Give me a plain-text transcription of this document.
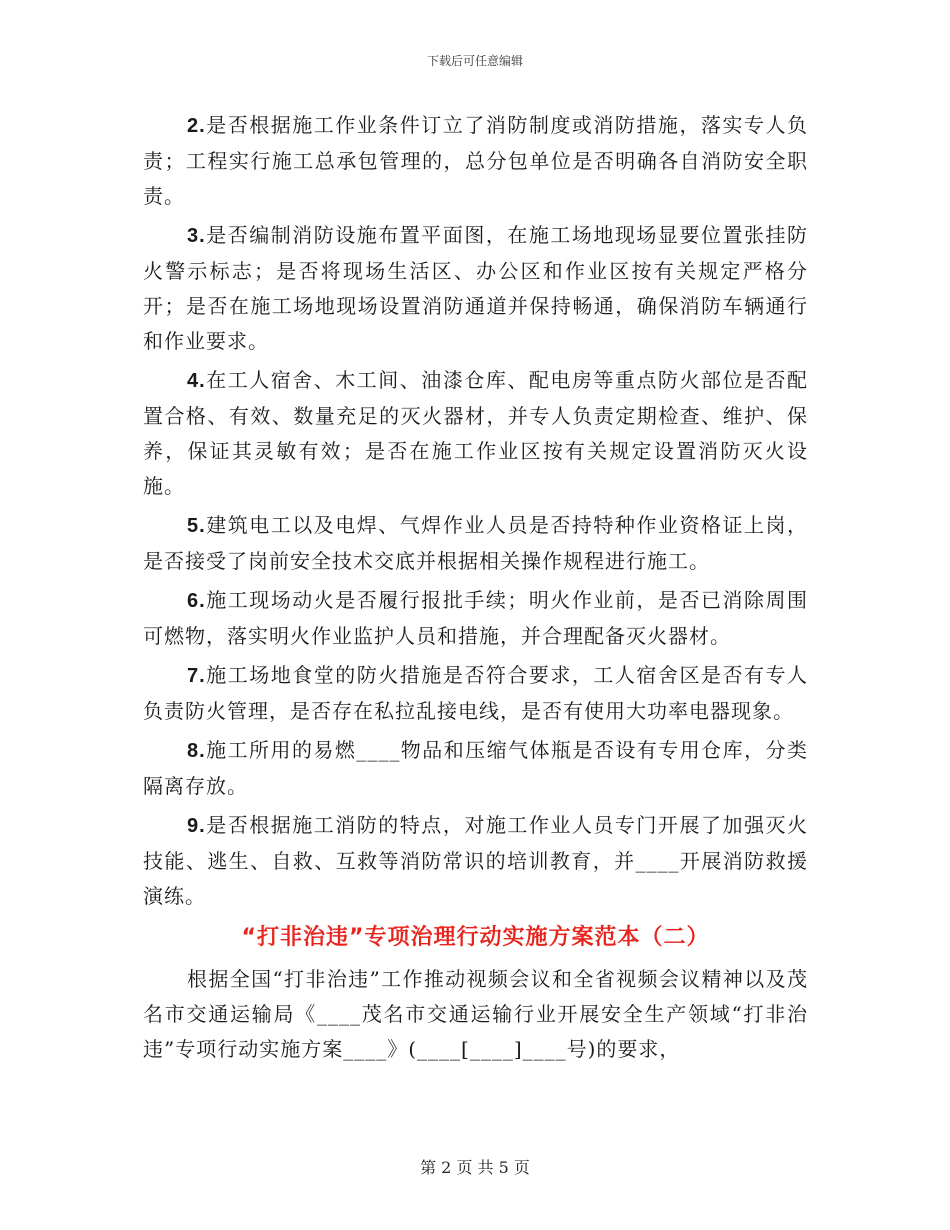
下载后可任意编辑

2.是否根据施工作业条件订立了消防制度或消防措施，落实专人负责；工程实行施工总承包管理的，总分包单位是否明确各自消防安全职责。

3.是否编制消防设施布置平面图，在施工场地现场显要位置张挂防火警示标志；是否将现场生活区、办公区和作业区按有关规定严格分开；是否在施工场地现场设置消防通道并保持畅通，确保消防车辆通行和作业要求。

4.在工人宿舍、木工间、油漆仓库、配电房等重点防火部位是否配置合格、有效、数量充足的灭火器材，并专人负责定期检查、维护、保养，保证其灵敏有效；是否在施工作业区按有关规定设置消防灭火设施。

5.建筑电工以及电焊、气焊作业人员是否持特种作业资格证上岗，是否接受了岗前安全技术交底并根据相关操作规程进行施工。

6.施工现场动火是否履行报批手续；明火作业前，是否已消除周围可燃物，落实明火作业监护人员和措施，并合理配备灭火器材。

7.施工场地食堂的防火措施是否符合要求，工人宿舍区是否有专人负责防火管理，是否存在私拉乱接电线，是否有使用大功率电器现象。

8.施工所用的易燃____物品和压缩气体瓶是否设有专用仓库，分类隔离存放。

9.是否根据施工消防的特点，对施工作业人员专门开展了加强灭火技能、逃生、自救、互救等消防常识的培训教育，并____开展消防救援演练。

“打非治违”专项治理行动实施方案范本（二）

根据全国“打非治违”工作推动视频会议和全省视频会议精神以及茂名市交通运输局《____茂名市交通运输行业开展安全生产领域“打非治违”专项行动实施方案____》(____[____]____号)的要求，

第 2 页 共 5 页
